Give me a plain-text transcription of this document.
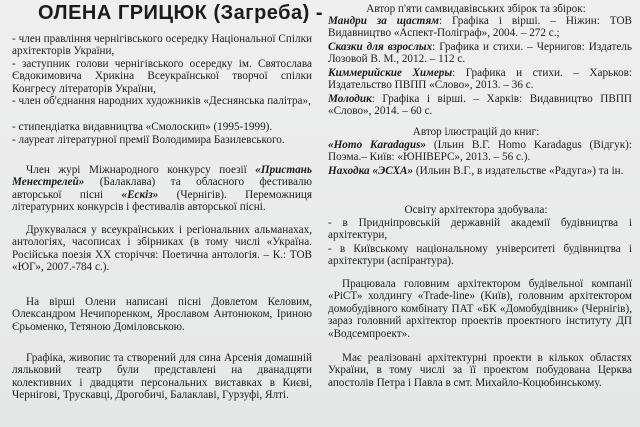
ОЛЕНА ГРИЦЮК (Загреба) -

- член правління чернігівського осередку Національної Спілки архітекторів України,

- заступник голови чернігівського осередку ім. Святослава Євдокимовича Хрикіна Всеукраїнської творчої спілки Конгресу літераторів України,

- член об'єднання народних художників «Деснянська палітра»,

- стипендіатка видавництва «Смолоскип» (1995-1999).

- лауреат літературної премії Володимира Базилевського.

Член журі Міжнародного конкурсу поезії «Пристань Менестрелей» (Балаклава) та обласного фестивалю авторської пісні «Ескіз» (Чернігів). Переможниця літературних конкурсів і фестивалів авторської пісні.

Друкувалася у всеукраїнських і регіональних альманахах, антологіях, часописах і збірниках (в тому числі «Україна. Російська поезія ХХ сторіччя: Поетична антологія. – К.: ТОВ «ЮГ», 2007.-784 с.).

На вірші Олени написані пісні Довлетом Келовим, Олександром Нечипоренком, Ярославом Антонюком, Іриною Єрьоменко, Тетяною Доміловською.

Графіка, живопис та створений для сина Арсенія домашній ляльковий театр були представлені на дванадцяти колективних і двадцяти персональних виставках в Києві, Чернігові, Трускавці, Дрогобичі, Балаклаві, Гурзуфі, Ялті.

Автор п'яти самвидавівських збірок та збірок:

Мандри за щастям: Графіка і вірші. – Ніжин: ТОВ Видавництво «Аспект-Поліграф», 2004. – 272 с.;

Сказки для взрослых: Графика и стихи. – Чернигов: Издатель Лозовой В. М., 2012. – 112 с.

Киммерийские Химеры: Графика и стихи. – Харьков: Издательство ПВПП «Слово», 2013. – 36 с.

Молодик: Графіка і вірші. – Харків: Видавництво ПВПП «Слово», 2014. – 60 с.

Автор ілюстрацій до книг:

«Homo Karadagus» (Ільин В.Г. Homo Karadagus (Відгук): Поэма.– Київ: «ЮНІВЕРС», 2013. – 56 с.).

Находка «ЭСХА» (Ильин В.Г., в издательстве «Радуга») та ін.

Освіту архітектора здобувала:

- в Придніпровській державній академії будівництва і архітектури,

- в Київському національному університеті будівництва і архітектури (аспірантура).

Працювала головним архітектором будівельної компанії «РіСТ» холдингу «Trade-line» (Київ), головним архітектором домобудівного комбінату ПАТ «БК «Домобудівник» (Чернігів), зараз головний архітектор проектів проектного інституту ДП «Водсемпроект».

Має реалізовані архітектурні проекти в кількох областях України, в тому числі за її проектом побудована Церква апостолів Петра і Павла в смт. Михайло-Коцюбинському.
